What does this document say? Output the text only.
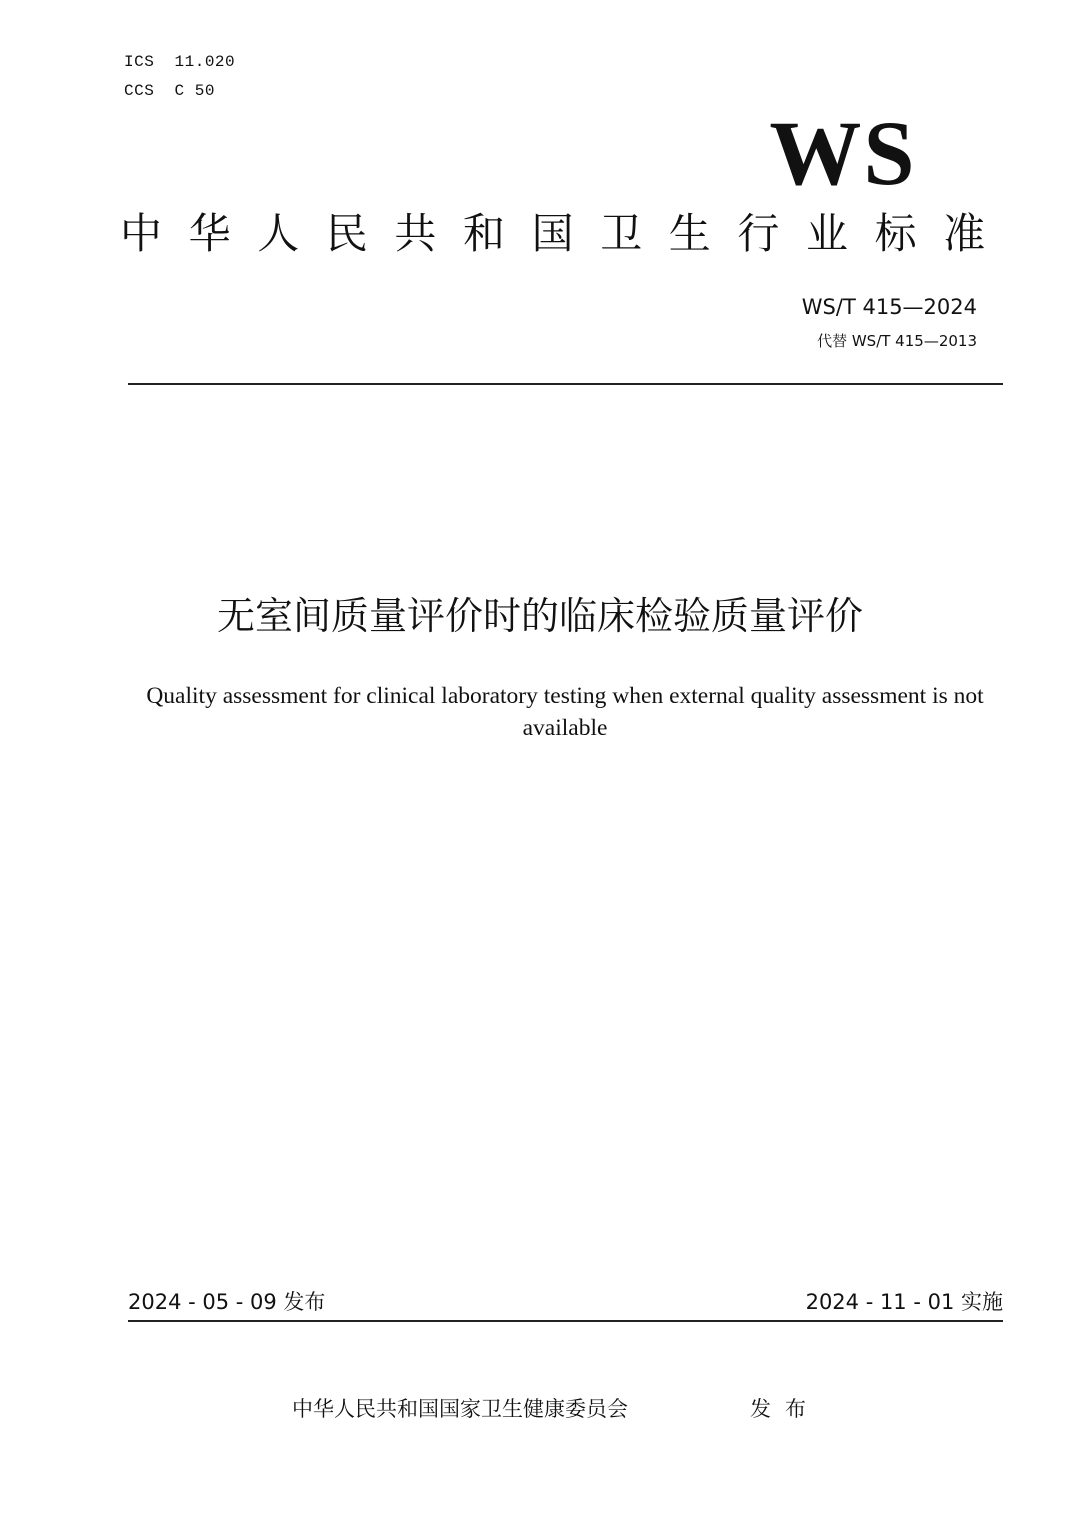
ICS  11.020
CCS  C 50
WS
中华人民共和国卫生行业标准
WS/T 415—2024
代替 WS/T 415—2013
无室间质量评价时的临床检验质量评价
Quality assessment for clinical laboratory testing when external quality assessment is not available
2024 - 05 - 09 发布	2024 - 11 - 01 实施
中华人民共和国国家卫生健康委员会	发布
